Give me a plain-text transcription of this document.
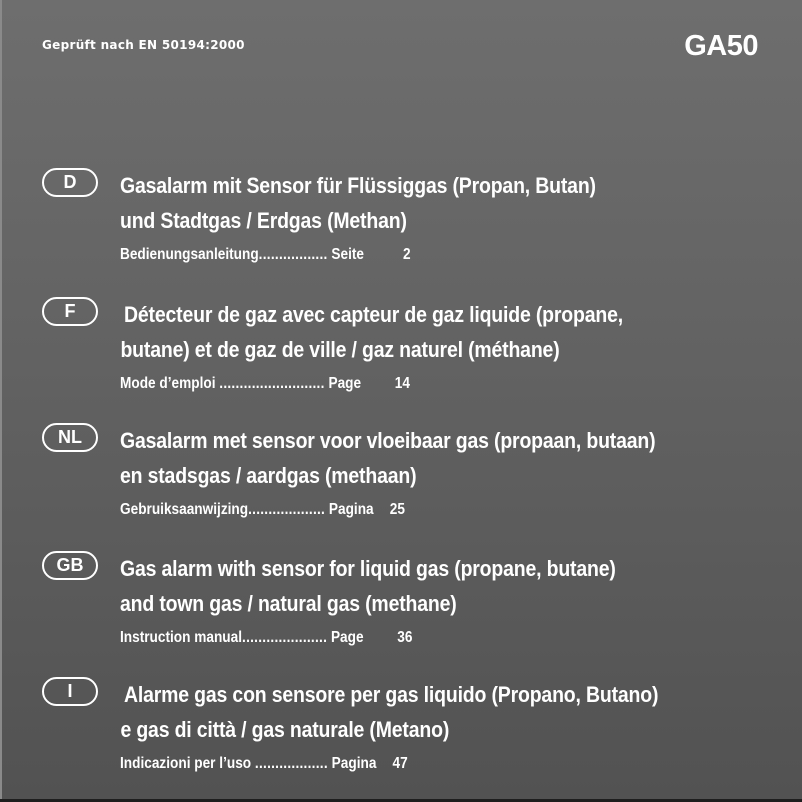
Geprüft nach EN 50194:2000	GA50
D	Gasalarm mit Sensor für Flüssiggas (Propan, Butan)
und Stadtgas / Erdgas (Methan)
Bedienungsanleitung................. Seite	2
F	Détecteur de gaz avec capteur de gaz liquide (propane,
butane) et de gaz de ville / gaz naturel (méthane)
Mode d’emploi .......................... Page 14
NL	Gasalarm met sensor voor vloeibaar gas (propaan, butaan)
en stadsgas / aardgas (methaan)
Gebruiksaanwijzing................... Pagina 25
GB	Gas alarm with sensor for liquid gas (propane, butane)
and town gas / natural gas (methane)
Instruction manual..................... Page 36
I	Alarme gas con sensore per gas liquido (Propano, Butano)
e gas di città / gas naturale (Metano)
Indicazioni per l’uso .................. Pagina 47
